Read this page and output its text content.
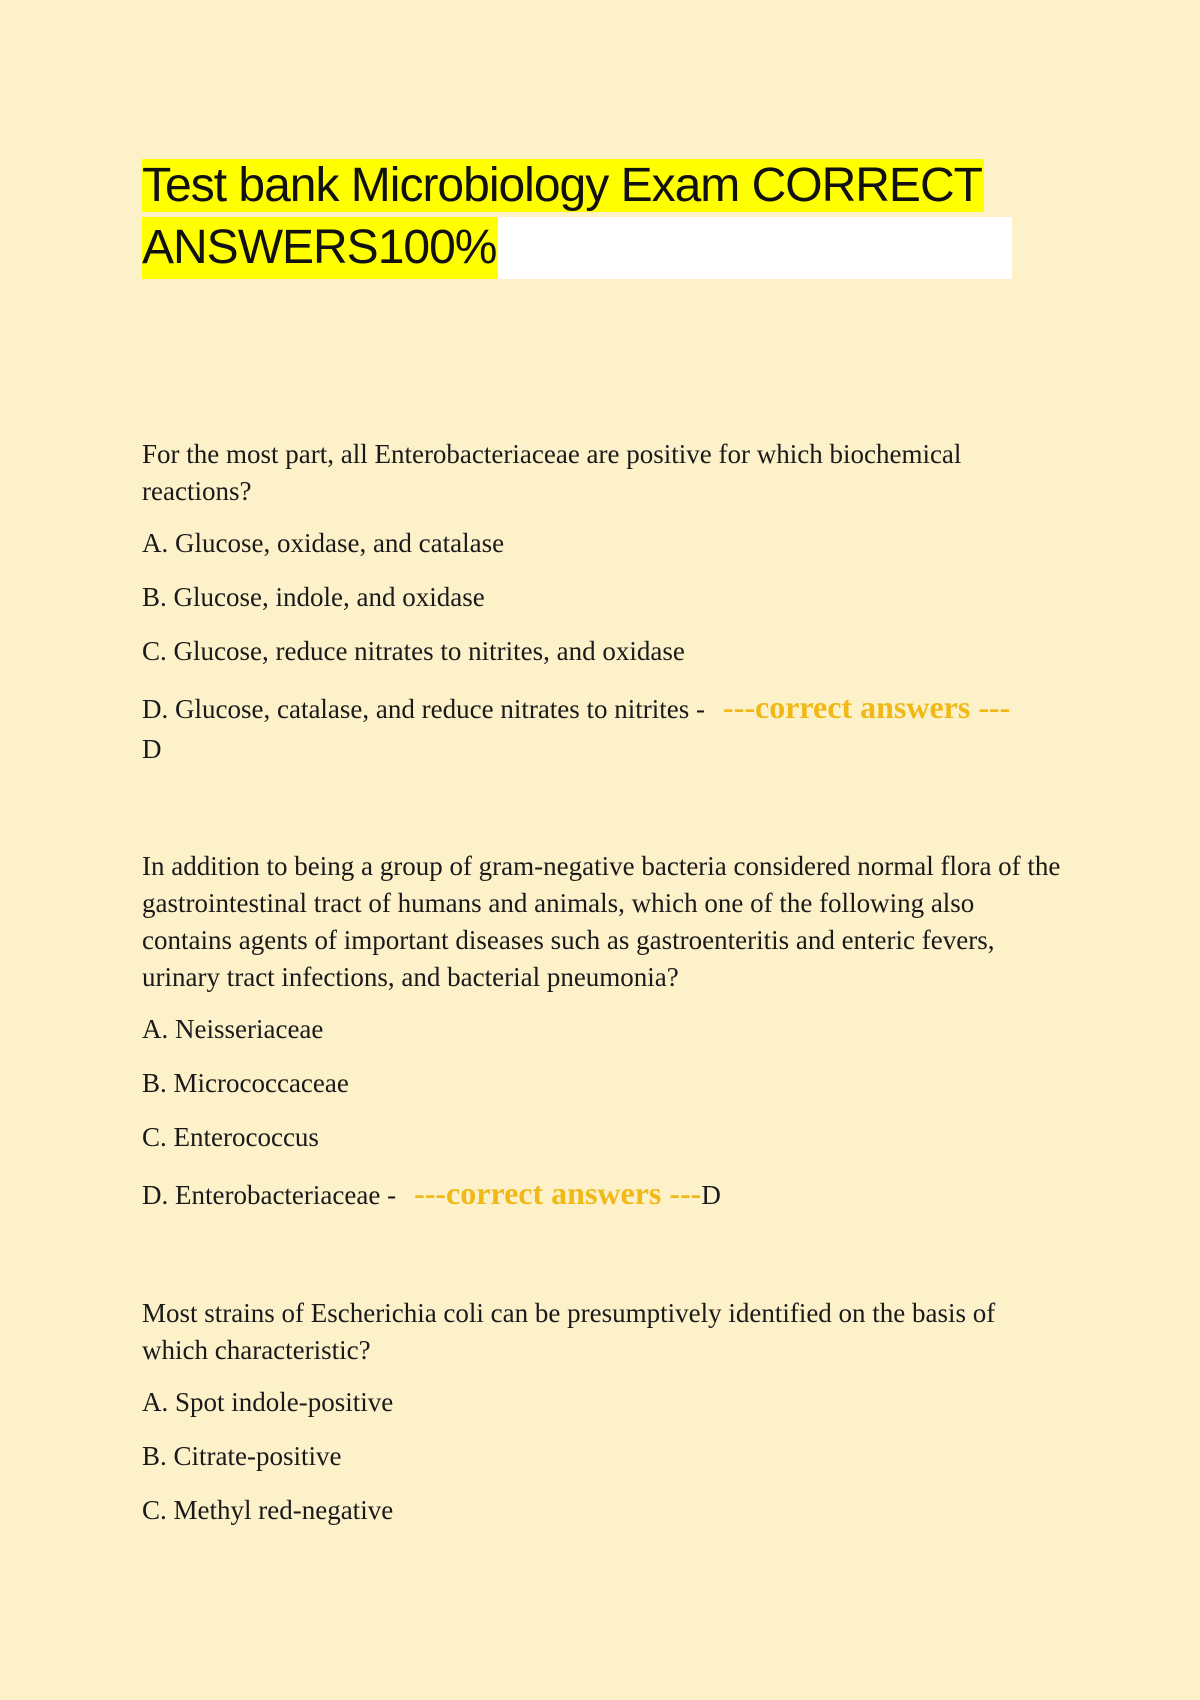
Test bank Microbiology Exam CORRECT
ANSWERS100%

For the most part, all Enterobacteriaceae are positive for which biochemical reactions?

A. Glucose, oxidase, and catalase

B. Glucose, indole, and oxidase

C. Glucose, reduce nitrates to nitrites, and oxidase

D. Glucose, catalase, and reduce nitrates to nitrites - ---correct answers ---
D

In addition to being a group of gram-negative bacteria considered normal flora of the gastrointestinal tract of humans and animals, which one of the following also contains agents of important diseases such as gastroenteritis and enteric fevers, urinary tract infections, and bacterial pneumonia?

A. Neisseriaceae

B. Micrococcaceae

C. Enterococcus

D. Enterobacteriaceae - ---correct answers ---D

Most strains of Escherichia coli can be presumptively identified on the basis of which characteristic?

A. Spot indole-positive

B. Citrate-positive

C. Methyl red-negative
